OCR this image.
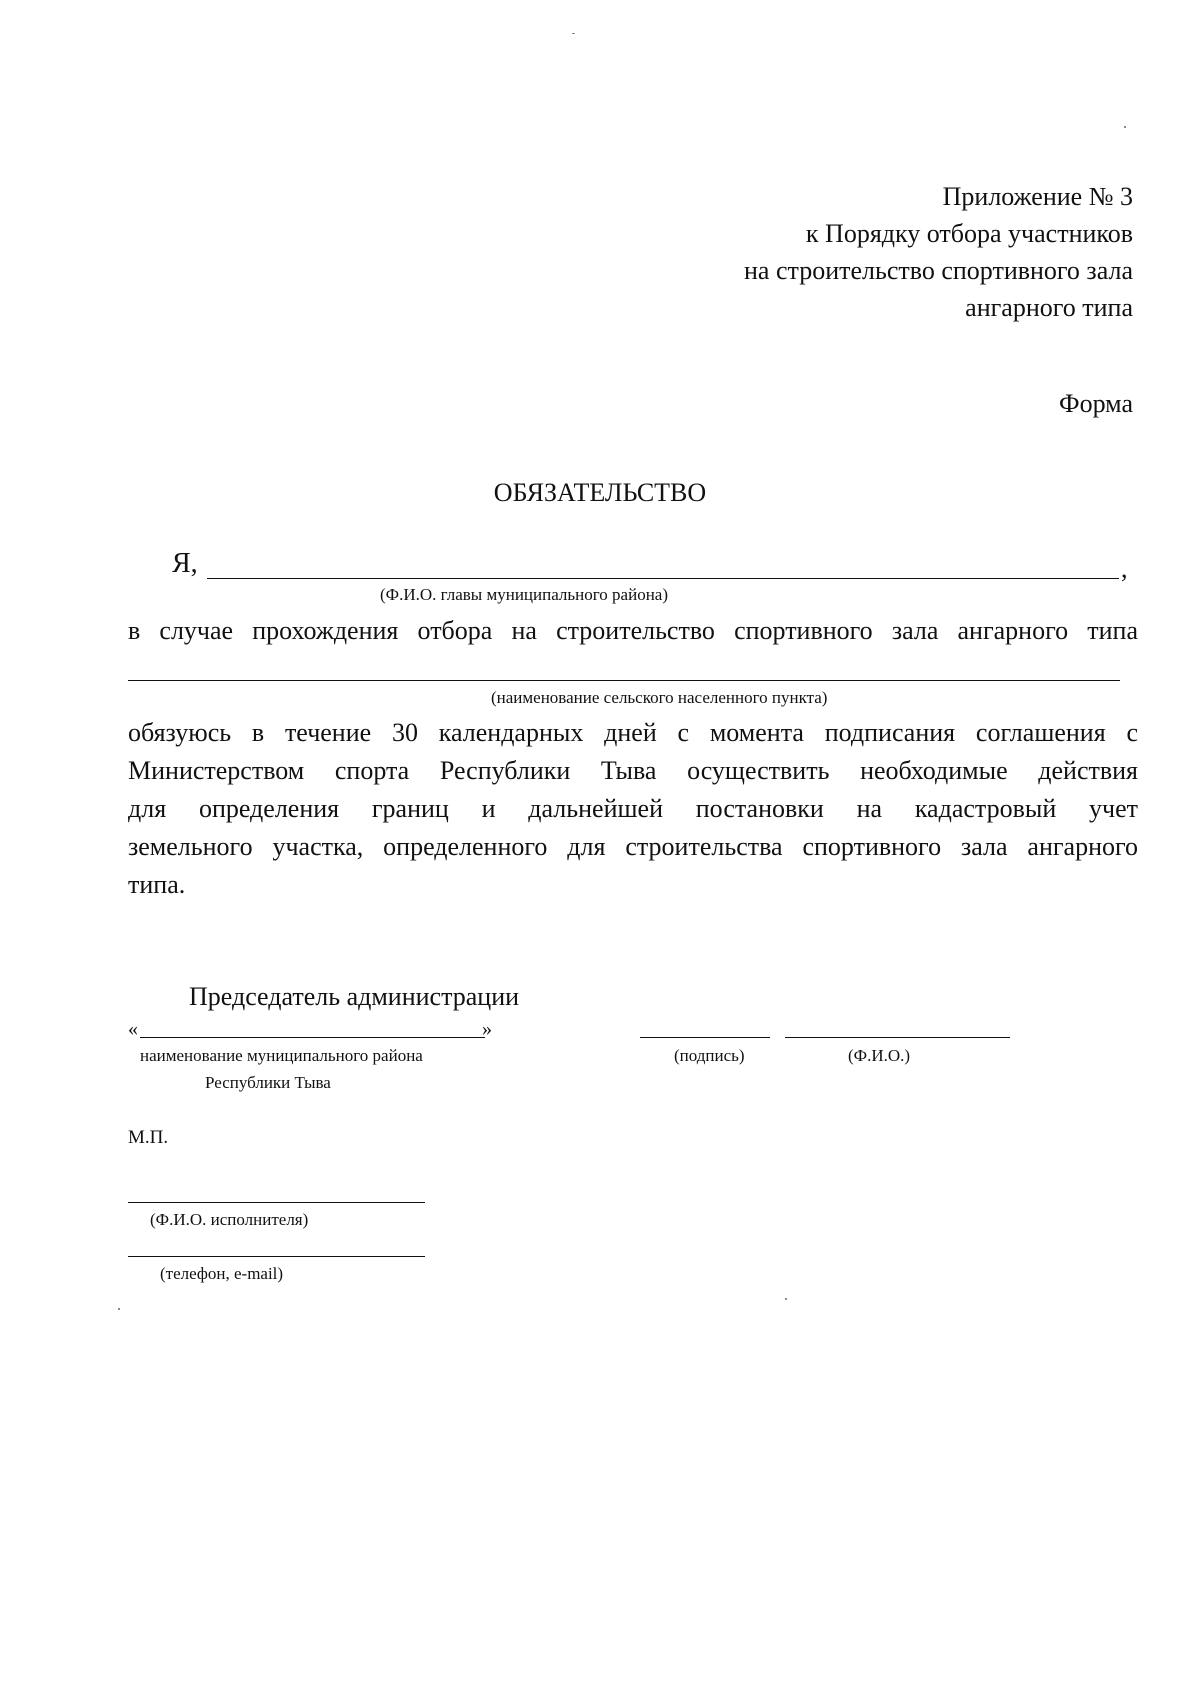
Приложение № 3
к Порядку отбора участников
на строительство спортивного зала
ангарного типа
Форма
ОБЯЗАТЕЛЬСТВО
Я,	,
(Ф.И.О. главы муниципального района)
в случае прохождения отбора на строительство спортивного зала ангарного типа
(наименование сельского населенного пункта)
обязуюсь в течение 30 календарных дней с момента подписания соглашения с
Министерством спорта Республики Тыва осуществить необходимые действия
для определения границ и дальнейшей постановки на кадастровый учет
земельного участка, определенного для строительства спортивного зала ангарного
типа.
Председатель администрации
«	»
наименование муниципального района
Республики Тыва
(подпись)	(Ф.И.О.)
М.П.
(Ф.И.О. исполнителя)
(телефон, e-mail)
